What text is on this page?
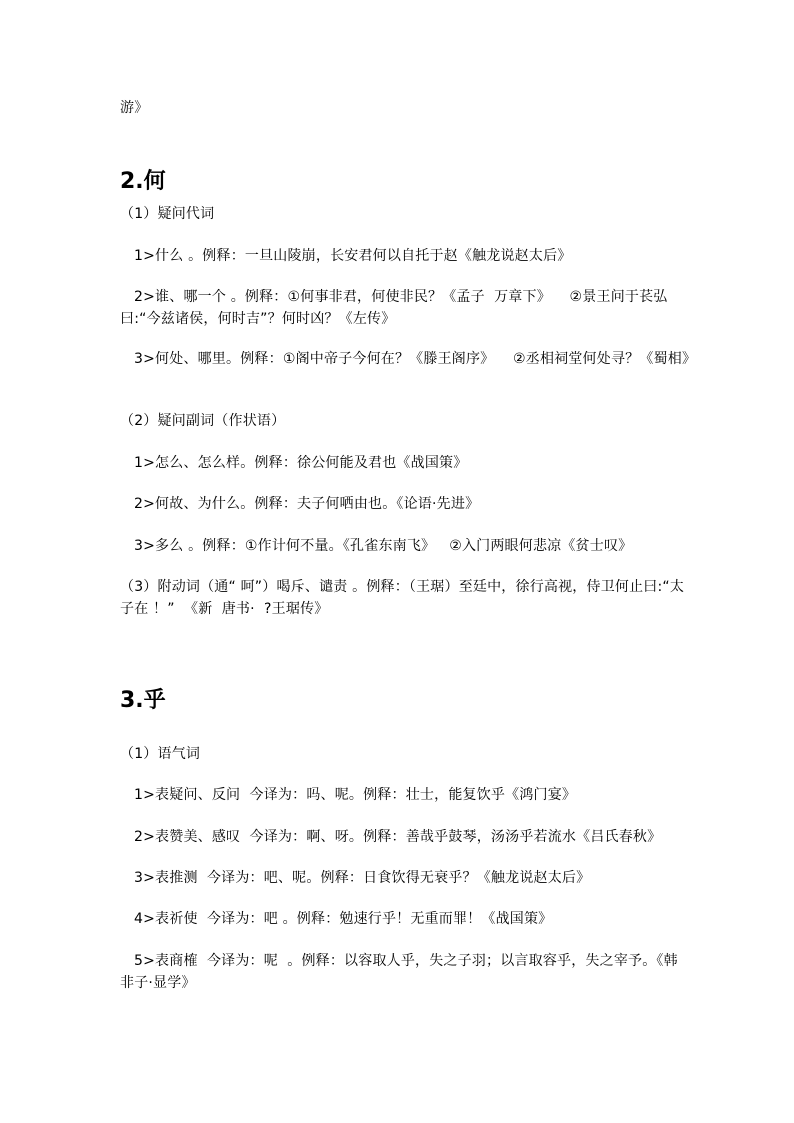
游》
2.何
（1）疑问代词
1>什么 。例释：一旦山陵崩，长安君何以自托于赵《触龙说赵太后》
2>谁、哪一个 。例释：①何事非君，何使非民？《孟子  万章下》    ②景王问于苌弘曰:“今兹诸侯，何时吉”？何时凶？《左传》
3>何处、哪里。例释：①阁中帝子今何在？《滕王阁序》    ②丞相祠堂何处寻？《蜀相》
（2）疑问副词（作状语）
1>怎么、怎么样。例释：徐公何能及君也《战国策》
2>何故、为什么。例释：夫子何哂由也。《论语·先进》
3>多么 。例释：①作计何不量。《孔雀东南飞》   ②入门两眼何悲凉《贫士叹》
（3）附动词（通“ 呵”）喝斥、谴责 。例释：（王琚）至廷中，徐行高视，侍卫何止曰:“太子在 ！”  《新  唐书·  ?王琚传》
3.乎
（1）语气词
1>表疑问、反问  今译为：吗、呢。例释：壮士，能复饮乎《鸿门宴》
2>表赞美、感叹  今译为：啊、呀。例释：善哉乎鼓琴，汤汤乎若流水《吕氏春秋》
3>表推测  今译为：吧、呢。例释：日食饮得无衰乎？《触龙说赵太后》
4>表祈使  今译为：吧 。例释：勉速行乎！无重而罪！《战国策》
5>表商榷  今译为：呢  。例释：以容取人乎，失之子羽；以言取容乎，失之宰予。《韩非子·显学》
